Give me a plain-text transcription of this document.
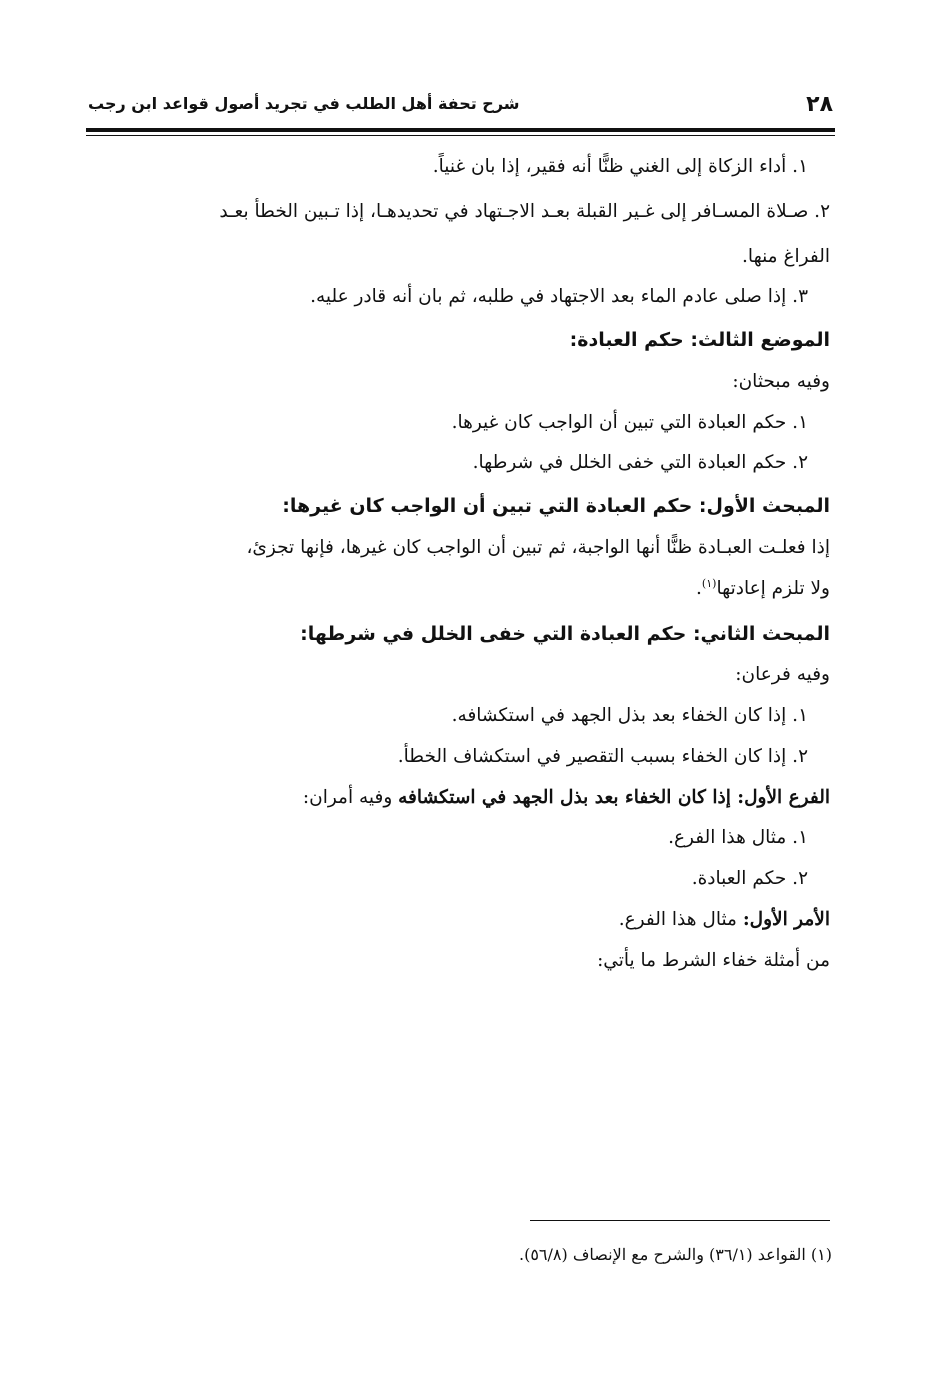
٢٨
شرح تحفة أهل الطلب في تجريد أصول قواعد ابن رجب
١. أداء الزكاة إلى الغني ظنًّا أنه فقير، إذا بان غنياً.
٢. صـلاة المسـافر إلى غـير القبلة بعـد الاجـتهاد في تحديدهـا، إذا تـبين الخطأ بعـد
الفراغ منها.
٣. إذا صلى عادم الماء بعد الاجتهاد في طلبه، ثم بان أنه قادر عليه.
الموضع الثالث: حكم العبادة:
وفيه مبحثان:
١. حكم العبادة التي تبين أن الواجب كان غيرها.
٢. حكم العبادة التي خفى الخلل في شرطها.
المبحث الأول: حكم العبادة التي تبين أن الواجب كان غيرها:
إذا فعلـت العبـادة ظنًّا أنها الواجبة، ثم تبين أن الواجب كان غيرها، فإنها تجزئ،
ولا تلزم إعادتها$^{(١)}$.
المبحث الثاني: حكم العبادة التي خفى الخلل في شرطها:
وفيه فرعان:
١. إذا كان الخفاء بعد بذل الجهد في استكشافه.
٢. إذا كان الخفاء بسبب التقصير في استكشاف الخطأ.
الفرع الأول: إذا كان الخفاء بعد بذل الجهد في استكشافه وفيه أمران:
١. مثال هذا الفرع.
٢. حكم العبادة.
الأمر الأول: مثال هذا الفرع.
من أمثلة خفاء الشرط ما يأتي:
(١) القواعد (٣٦/١) والشرح مع الإنصاف (٥٦/٨).
